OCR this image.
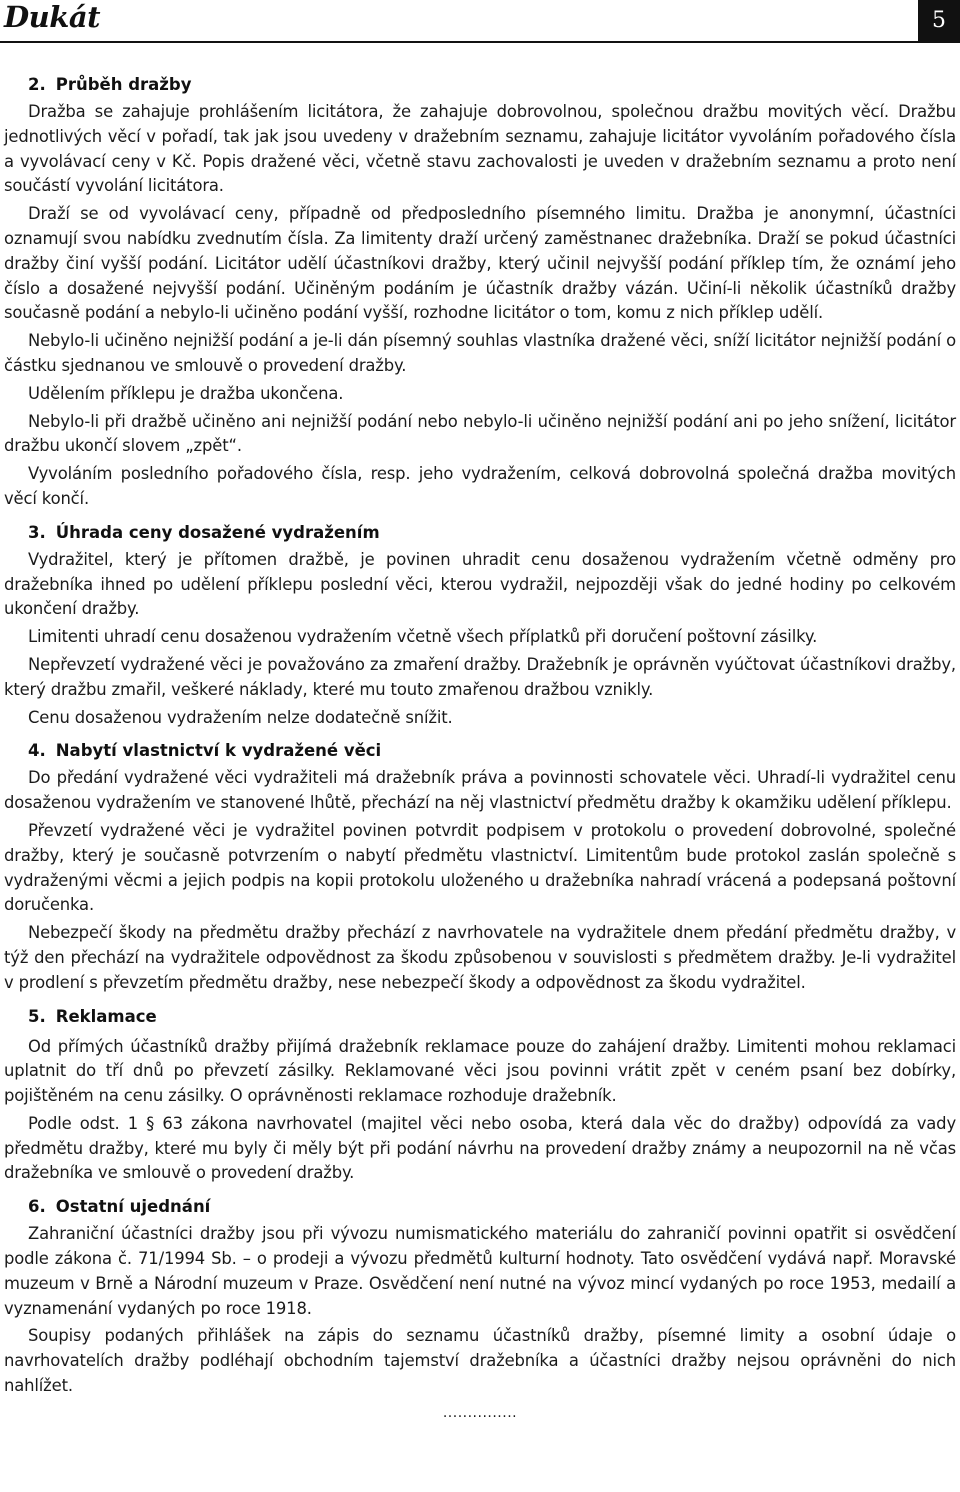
Dukát	5
2. Průběh dražby

Dražba se zahajuje prohlášením licitátora, že zahajuje dobrovolnou, společnou dražbu movitých věcí. Dražbu jednotlivých věcí v pořadí, tak jak jsou uvedeny v dražebním seznamu, zahajuje licitátor vyvoláním pořadového čísla a vyvolávací ceny v Kč. Popis dražené věci, včetně stavu zachovalosti je uveden v dražebním seznamu a proto není součástí vyvolání licitátora.

Draží se od vyvolávací ceny, případně od předposledního písemného limitu. Dražba je anonymní, účastníci oznamují svou nabídku zvednutím čísla. Za limitenty draží určený zaměstnanec dražebníka. Draží se pokud účastníci dražby činí vyšší podání. Licitátor udělí účastníkovi dražby, který učinil nejvyšší podání příklep tím, že oznámí jeho číslo a dosažené nejvyšší podání. Učiněným podáním je účastník dražby vázán. Učiní-li několik účastníků dražby současně podání a nebylo-li učiněno podání vyšší, rozhodne licitátor o tom, komu z nich příklep udělí.

Nebylo-li učiněno nejnižší podání a je-li dán písemný souhlas vlastníka dražené věci, sníží licitátor nejnižší podání o částku sjednanou ve smlouvě o provedení dražby.

Udělením příklepu je dražba ukončena.

Nebylo-li při dražbě učiněno ani nejnižší podání nebo nebylo-li učiněno nejnižší podání ani po jeho snížení, licitátor dražbu ukončí slovem „zpět“.

Vyvoláním posledního pořadového čísla, resp. jeho vydražením, celková dobrovolná společná dražba movitých věcí končí.

3. Úhrada ceny dosažené vydražením

Vydražitel, který je přítomen dražbě, je povinen uhradit cenu dosaženou vydražením včetně odměny pro dražebníka ihned po udělení příklepu poslední věci, kterou vydražil, nejpozději však do jedné hodiny po celkovém ukončení dražby.

Limitenti uhradí cenu dosaženou vydražením včetně všech příplatků při doručení poštovní zásilky.

Nepřevzetí vydražené věci je považováno za zmaření dražby. Dražebník je oprávněn vyúčtovat účastníkovi dražby, který dražbu zmařil, veškeré náklady, které mu touto zmařenou dražbou vznikly.

Cenu dosaženou vydražením nelze dodatečně snížit.

4. Nabytí vlastnictví k vydražené věci

Do předání vydražené věci vydražiteli má dražebník práva a povinnosti schovatele věci. Uhradí-li vydražitel cenu dosaženou vydražením ve stanovené lhůtě, přechází na něj vlastnictví předmětu dražby k okamžiku udělení příklepu.

Převzetí vydražené věci je vydražitel povinen potvrdit podpisem v protokolu o provedení dobrovolné, společné dražby, který je současně potvrzením o nabytí předmětu vlastnictví. Limitentům bude protokol zaslán společně s vydraženými věcmi a jejich podpis na kopii protokolu uloženého u dražebníka nahradí vrácená a podepsaná poštovní doručenka.

Nebezpečí škody na předmětu dražby přechází z navrhovatele na vydražitele dnem předání předmětu dražby, v týž den přechází na vydražitele odpovědnost za škodu způsobenou v souvislosti s předmětem dražby. Je-li vydražitel v prodlení s převzetím předmětu dražby, nese nebezpečí škody a odpovědnost za škodu vydražitel.

5. Reklamace

Od přímých účastníků dražby přijímá dražebník reklamace pouze do zahájení dražby. Limitenti mohou reklamaci uplatnit do tří dnů po převzetí zásilky. Reklamované věci jsou povinni vrátit zpět v ceném psaní bez dobírky, pojištěném na cenu zásilky. O oprávněnosti reklamace rozhoduje dražebník.

Podle odst. 1 § 63 zákona navrhovatel (majitel věci nebo osoba, která dala věc do dražby) odpovídá za vady předmětu dražby, které mu byly či měly být při podání návrhu na provedení dražby známy a neupozornil na ně včas dražebníka ve smlouvě o provedení dražby.

6. Ostatní ujednání

Zahraniční účastníci dražby jsou při vývozu numismatického materiálu do zahraničí povinni opatřit si osvědčení podle zákona č. 71/1994 Sb. – o prodeji a vývozu předmětů kulturní hodnoty. Tato osvědčení vydává např. Moravské muzeum v Brně a Národní muzeum v Praze. Osvědčení není nutné na vývoz mincí vydaných po roce 1953, medailí a vyznamenání vydaných po roce 1918.

Soupisy podaných přihlášek na zápis do seznamu účastníků dražby, písemné limity a osobní údaje o navrhovatelích dražby podléhají obchodním tajemství dražebníka a účastníci dražby nejsou oprávněni do nich nahlížet.

...............
